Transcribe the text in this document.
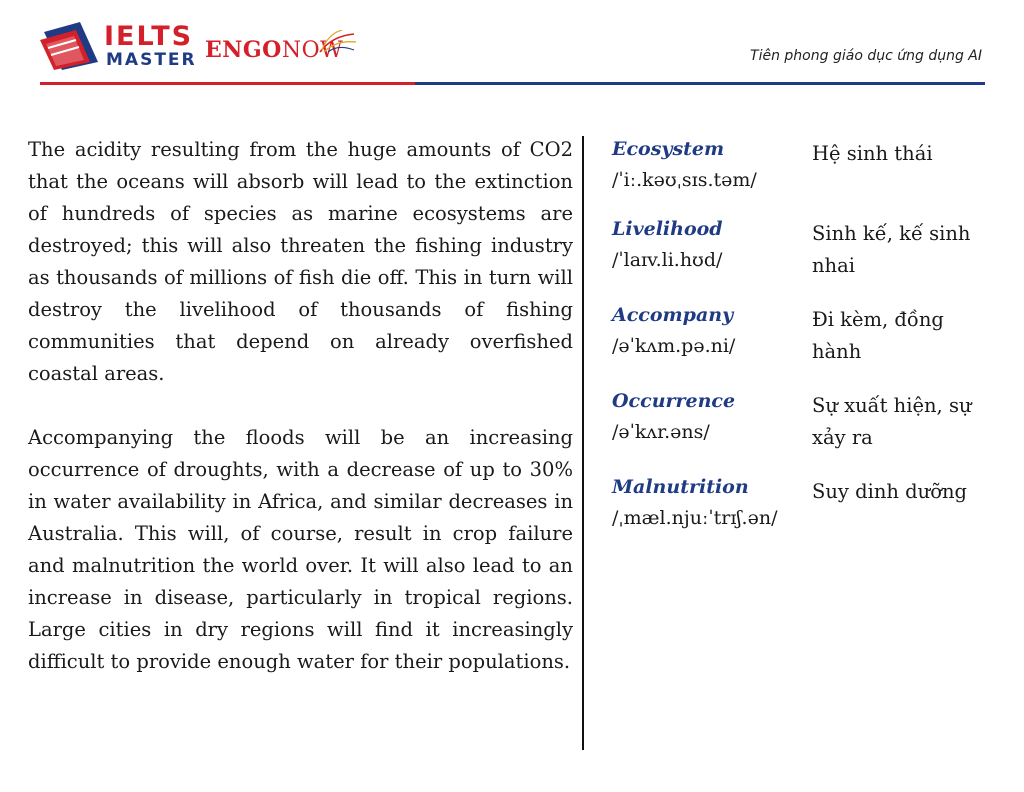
IELTS
MASTER ENGONOW	Tiên phong giáo dục ứng dụng AI

The acidity resulting from the huge amounts of CO2 that the oceans will absorb will lead to the extinction of hundreds of species as marine ecosystems are destroyed; this will also threaten the fishing industry as thousands of millions of fish die off. This in turn will destroy the livelihood of thousands of fishing communities that depend on already overfished coastal areas.

Accompanying the floods will be an increasing occurrence of droughts, with a decrease of up to 30% in water availability in Africa, and similar decreases in Australia. This will, of course, result in crop failure and malnutrition the world over. It will also lead to an increase in disease, particularly in tropical regions. Large cities in dry regions will find it increasingly difficult to provide enough water for their populations.

Ecosystem
/ˈiː.kəʊˌsɪs.təm/
Hệ sinh thái
Livelihood
/ˈlaɪv.li.hʊd/
Sinh kế, kế sinh nhai
Accompany
/əˈkʌm.pə.ni/
Đi kèm, đồng hành
Occurrence
/əˈkʌr.əns/
Sự xuất hiện, sự xảy ra
Malnutrition
/ˌmæl.njuːˈtrɪʃ.ən/
Suy dinh dưỡng
